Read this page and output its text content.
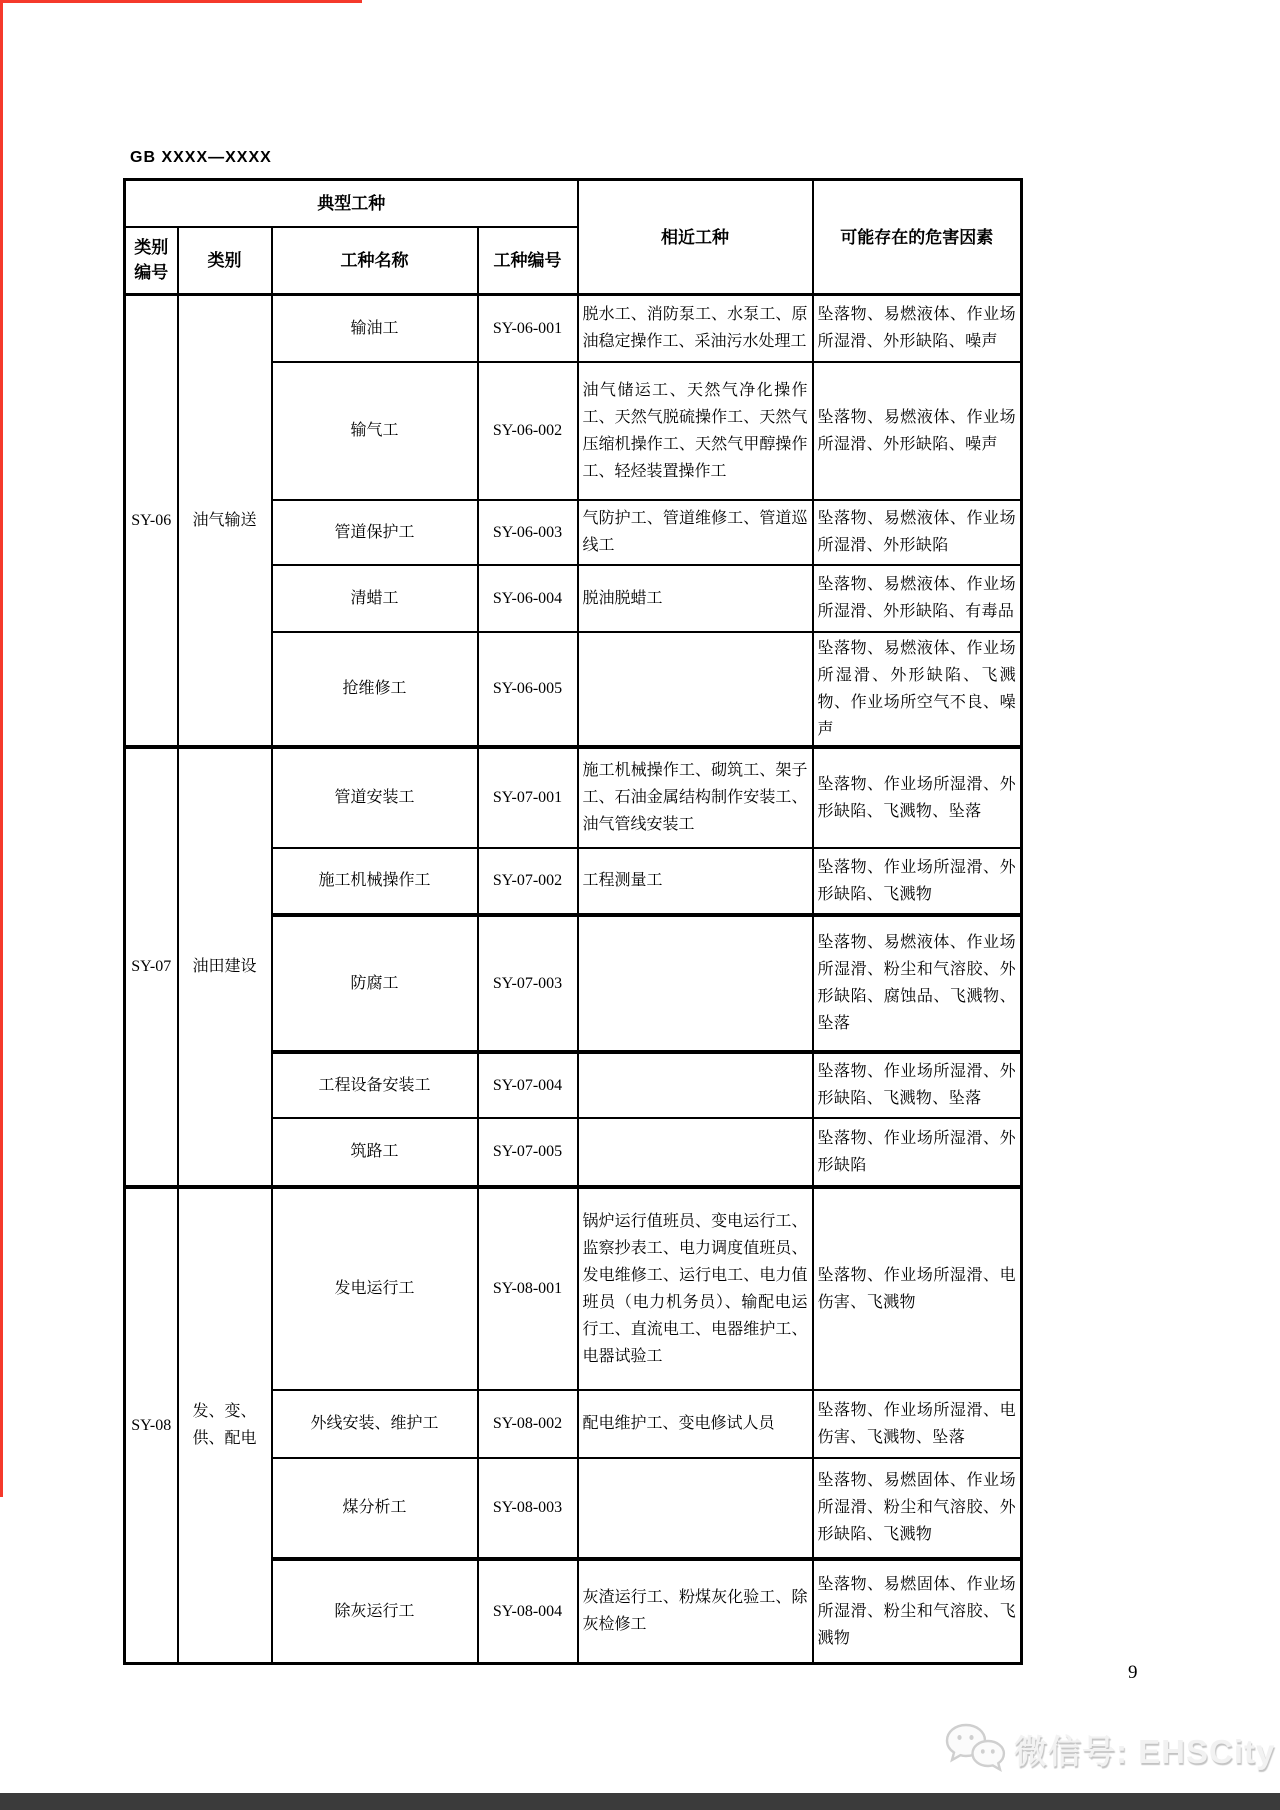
GB XXXX—XXXX
典型工种				相近工种	可能存在的危害因素
类别编号	类别	工种名称	工种编号		
SY-06	油气输送	输油工	SY-06-001	脱水工、消防泵工、水泵工、原油稳定操作工、采油污水处理工	坠落物、易燃液体、作业场所湿滑、外形缺陷、噪声
		输气工	SY-06-002	油气储运工、天然气净化操作工、天然气脱硫操作工、天然气压缩机操作工、天然气甲醇操作工、轻烃装置操作工	坠落物、易燃液体、作业场所湿滑、外形缺陷、噪声
		管道保护工	SY-06-003	气防护工、管道维修工、管道巡线工	坠落物、易燃液体、作业场所湿滑、外形缺陷
		清蜡工	SY-06-004	脱油脱蜡工	坠落物、易燃液体、作业场所湿滑、外形缺陷、有毒品
		抢维修工	SY-06-005		坠落物、易燃液体、作业场所湿滑、外形缺陷、飞溅物、作业场所空气不良、噪声
SY-07	油田建设	管道安装工	SY-07-001	施工机械操作工、砌筑工、架子工、石油金属结构制作安装工、油气管线安装工	坠落物、作业场所湿滑、外形缺陷、飞溅物、坠落
		施工机械操作工	SY-07-002	工程测量工	坠落物、作业场所湿滑、外形缺陷、飞溅物
		防腐工	SY-07-003		坠落物、易燃液体、作业场所湿滑、粉尘和气溶胶、外形缺陷、腐蚀品、飞溅物、坠落
		工程设备安装工	SY-07-004		坠落物、作业场所湿滑、外形缺陷、飞溅物、坠落
		筑路工	SY-07-005		坠落物、作业场所湿滑、外形缺陷
SY-08	发、变、供、配电	发电运行工	SY-08-001	锅炉运行值班员、变电运行工、监察抄表工、电力调度值班员、发电维修工、运行电工、电力值班员（电力机务员）、输配电运行工、直流电工、电器维护工、电器试验工	坠落物、作业场所湿滑、电伤害、飞溅物
		外线安装、维护工	SY-08-002	配电维护工、变电修试人员	坠落物、作业场所湿滑、电伤害、飞溅物、坠落
		煤分析工	SY-08-003		坠落物、易燃固体、作业场所湿滑、粉尘和气溶胶、外形缺陷、飞溅物
		除灰运行工	SY-08-004	灰渣运行工、粉煤灰化验工、除灰检修工	坠落物、易燃固体、作业场所湿滑、粉尘和气溶胶、飞溅物
9
微信号: EHSCity
